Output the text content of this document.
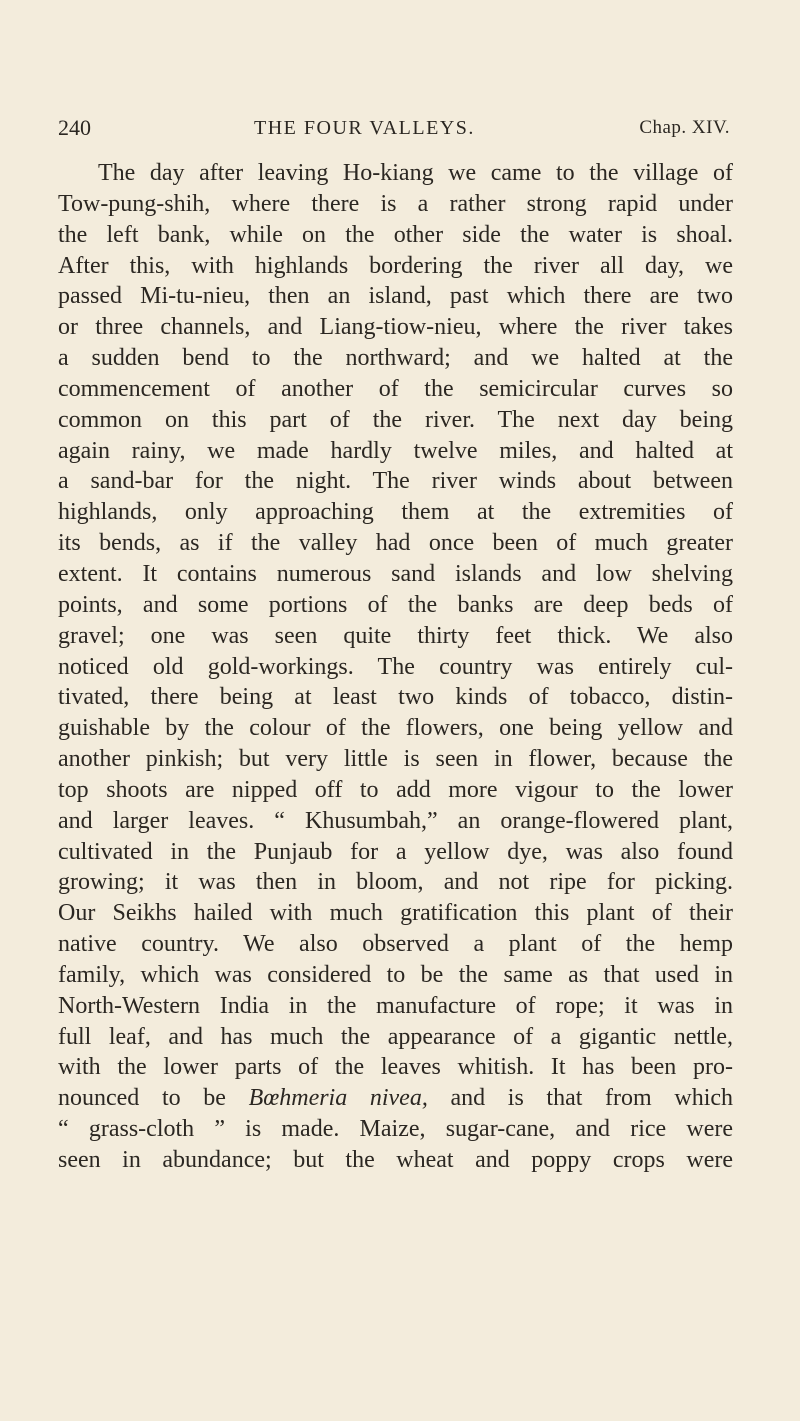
240	THE FOUR VALLEYS.	Chap. XIV.
The day after leaving Ho-kiang we came to the village of
Tow-pung-shih, where there is a rather strong rapid under
the left bank, while on the other side the water is shoal.
After this, with highlands bordering the river all day, we
passed Mi-tu-nieu, then an island, past which there are two
or three channels, and Liang-tiow-nieu, where the river takes
a sudden bend to the northward; and we halted at the
commencement of another of the semicircular curves so
common on this part of the river. The next day being
again rainy, we made hardly twelve miles, and halted at
a sand-bar for the night. The river winds about between
highlands, only approaching them at the extremities of
its bends, as if the valley had once been of much greater
extent. It contains numerous sand islands and low shelving
points, and some portions of the banks are deep beds of
gravel; one was seen quite thirty feet thick. We also
noticed old gold-workings. The country was entirely cul-
tivated, there being at least two kinds of tobacco, distin-
guishable by the colour of the flowers, one being yellow and
another pinkish; but very little is seen in flower, because the
top shoots are nipped off to add more vigour to the lower
and larger leaves. “ Khusumbah,” an orange-flowered plant,
cultivated in the Punjaub for a yellow dye, was also found
growing; it was then in bloom, and not ripe for picking.
Our Seikhs hailed with much gratification this plant of their
native country. We also observed a plant of the hemp
family, which was considered to be the same as that used in
North-Western India in the manufacture of rope; it was in
full leaf, and has much the appearance of a gigantic nettle,
with the lower parts of the leaves whitish. It has been pro-
nounced to be Bœhmeria nivea, and is that from which
“ grass-cloth ” is made. Maize, sugar-cane, and rice were
seen in abundance; but the wheat and poppy crops were
